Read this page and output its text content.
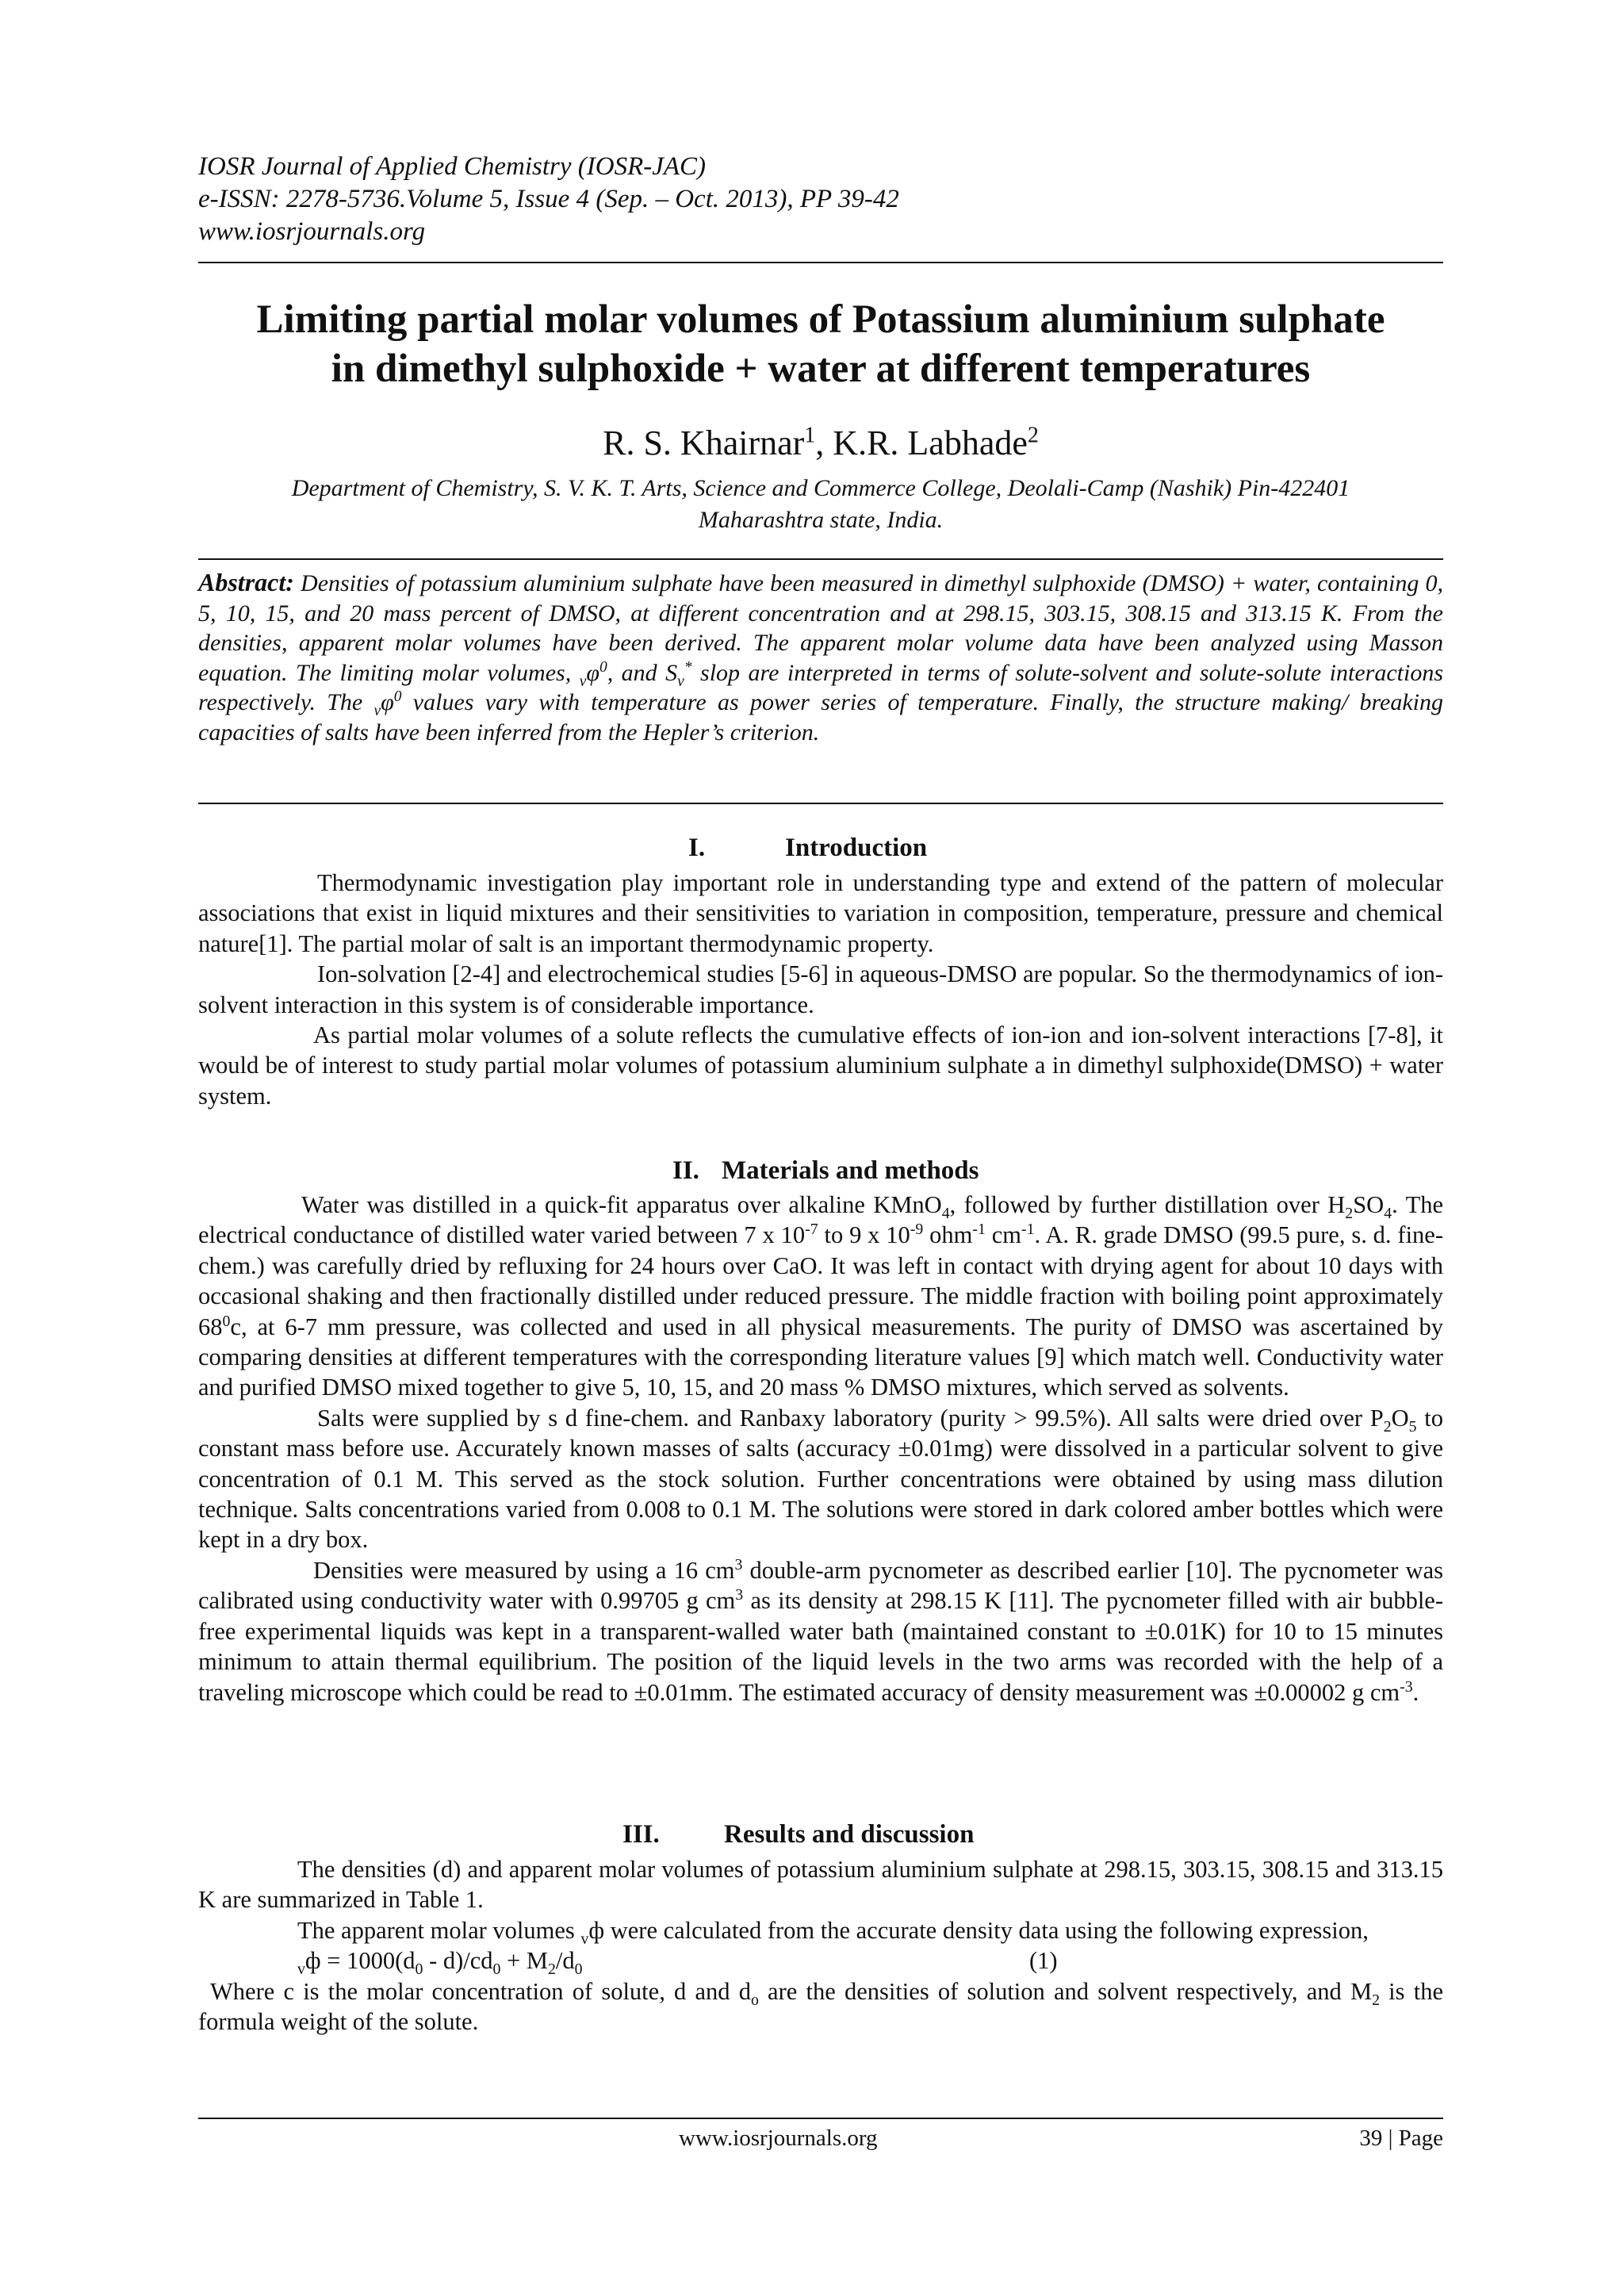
IOSR Journal of Applied Chemistry (IOSR-JAC)
e-ISSN: 2278-5736.Volume 5, Issue 4 (Sep. – Oct. 2013), PP 39-42
www.iosrjournals.org
Limiting partial molar volumes of Potassium aluminium sulphate
in dimethyl sulphoxide + water at different temperatures
R. S. Khairnar$^1$, K.R. Labhade$^2$
Department of Chemistry, S. V. K. T. Arts, Science and Commerce College, Deolali-Camp (Nashik) Pin-422401
Maharashtra state, India.
Abstract: Densities of potassium aluminium sulphate have been measured in dimethyl sulphoxide (DMSO) + water, containing 0, 5, 10, 15, and 20 mass percent of DMSO, at different concentration and at 298.15, 303.15, 308.15 and 313.15 K. From the densities, apparent molar volumes have been derived. The apparent molar volume data have been analyzed using Masson equation. The limiting molar volumes, $_v\varphi^0$, and $S_v^*$ slop are interpreted in terms of solute-solvent and solute-solute interactions respectively. The $_v\varphi^0$ values vary with temperature as power series of temperature. Finally, the structure making/ breaking capacities of salts have been inferred from the Hepler’s criterion.
I.	Introduction

Thermodynamic investigation play important role in understanding type and extend of the pattern of molecular associations that exist in liquid mixtures and their sensitivities to variation in composition, temperature, pressure and chemical nature[1]. The partial molar of salt is an important thermodynamic property.

Ion-solvation [2-4] and electrochemical studies [5-6] in aqueous-DMSO are popular. So the thermodynamics of ion-solvent interaction in this system is of considerable importance.

As partial molar volumes of a solute reflects the cumulative effects of ion-ion and ion-solvent interactions [7-8], it would be of interest to study partial molar volumes of potassium aluminium sulphate a in dimethyl sulphoxide(DMSO) + water system.

II. Materials and methods

Water was distilled in a quick-fit apparatus over alkaline KMnO$_4$, followed by further distillation over $H_2SO_4$. The electrical conductance of distilled water varied between 7 x $10^{-7}$ to 9 x $10^{-9}$ ohm$^{-1}$ $cm^{-1}$. A. R. grade DMSO (99.5 pure, s. d. fine-chem.) was carefully dried by refluxing for 24 hours over CaO. It was left in contact with drying agent for about 10 days with occasional shaking and then fractionally distilled under reduced pressure. The middle fraction with boiling point approximately $68^0c$, at 6-7 mm pressure, was collected and used in all physical measurements. The purity of DMSO was ascertained by comparing densities at different temperatures with the corresponding literature values [9] which match well. Conductivity water and purified DMSO mixed together to give 5, 10, 15, and 20 mass % DMSO mixtures, which served as solvents.

Salts were supplied by s d fine-chem. and Ranbaxy laboratory (purity > 99.5%). All salts were dried over $P_2O_5$ to constant mass before use. Accurately known masses of salts (accuracy ±0.01mg) were dissolved in a particular solvent to give concentration of 0.1 M. This served as the stock solution. Further concentrations were obtained by using mass dilution technique. Salts concentrations varied from 0.008 to 0.1 M. The solutions were stored in dark colored amber bottles which were kept in a dry box.

Densities were measured by using a 16 $cm^3$ double-arm pycnometer as described earlier [10]. The pycnometer was calibrated using conductivity water with 0.99705 g $cm^3$ as its density at 298.15 K [11]. The pycnometer filled with air bubble-free experimental liquids was kept in a transparent-walled water bath (maintained constant to ±0.01K) for 10 to 15 minutes minimum to attain thermal equilibrium. The position of the liquid levels in the two arms was recorded with the help of a traveling microscope which could be read to ±0.01mm. The estimated accuracy of density measurement was ±0.00002 g $cm^{-3}$.

III. Results and discussion

The densities (d) and apparent molar volumes of potassium aluminium sulphate at 298.15, 303.15, 308.15 and 313.15 K are summarized in Table 1.

The apparent molar volumes $_v$ф were calculated from the accurate density data using the following expression,

$_vф = 1000(d_0 - d)/cd_0 + M_2/d_0$	(1)

Where c is the molar concentration of solute, d and $d_o$ are the densities of solution and solvent respectively, and $M_2$ is the formula weight of the solute.

www.iosrjournals.org	39 | Page
